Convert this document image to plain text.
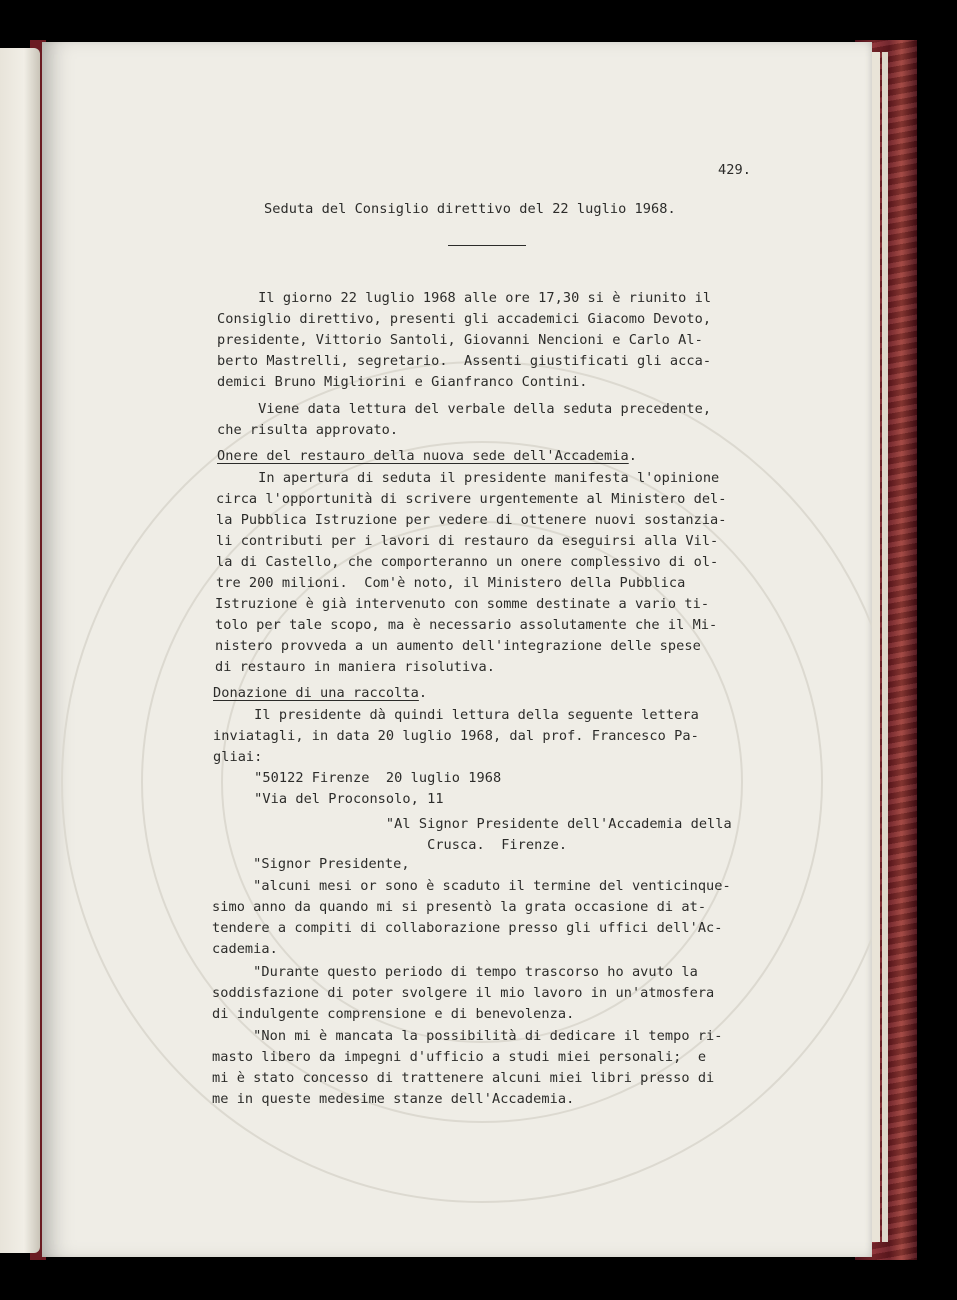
429.

Seduta del Consiglio direttivo del 22 luglio 1968.

Il giorno 22 luglio 1968 alle ore 17,30 si è riunito il

Consiglio direttivo, presenti gli accademici Giacomo Devoto,

presidente, Vittorio Santoli, Giovanni Nencioni e Carlo Al-

berto Mastrelli, segretario.  Assenti giustificati gli acca-

demici Bruno Migliorini e Gianfranco Contini.

Viene data lettura del verbale della seduta precedente,

che risulta approvato.

Onere del restauro della nuova sede dell'Accademia.

In apertura di seduta il presidente manifesta l'opinione

circa l'opportunità di scrivere urgentemente al Ministero del-

la Pubblica Istruzione per vedere di ottenere nuovi sostanzia-

li contributi per i lavori di restauro da eseguirsi alla Vil-

la di Castello, che comporteranno un onere complessivo di ol-

tre 200 milioni.  Com'è noto, il Ministero della Pubblica

Istruzione è già intervenuto con somme destinate a vario ti-

tolo per tale scopo, ma è necessario assolutamente che il Mi-

nistero provveda a un aumento dell'integrazione delle spese

di restauro in maniera risolutiva.

Donazione di una raccolta.

Il presidente dà quindi lettura della seguente lettera

inviatagli, in data 20 luglio 1968, dal prof. Francesco Pa-

gliai:

"50122 Firenze  20 luglio 1968

"Via del Proconsolo, 11

"Al Signor Presidente dell'Accademia della

Crusca.  Firenze.

"Signor Presidente,

"alcuni mesi or sono è scaduto il termine del venticinque-

simo anno da quando mi si presentò la grata occasione di at-

tendere a compiti di collaborazione presso gli uffici dell'Ac-

cademia.

"Durante questo periodo di tempo trascorso ho avuto la

soddisfazione di poter svolgere il mio lavoro in un'atmosfera

di indulgente comprensione e di benevolenza.

"Non mi è mancata la possibilità di dedicare il tempo ri-

masto libero da impegni d'ufficio a studi miei personali;  e

mi è stato concesso di trattenere alcuni miei libri presso di

me in queste medesime stanze dell'Accademia.
